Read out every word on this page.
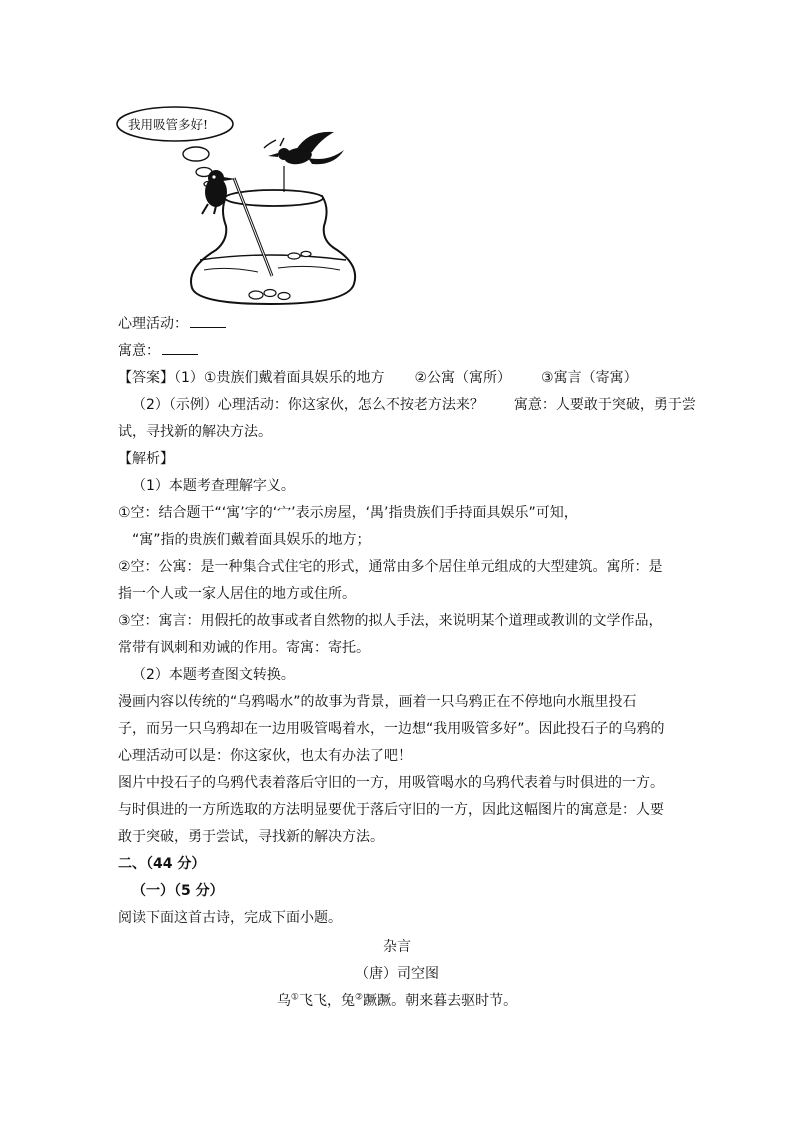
我用吸管多好!
心理活动：
寓意：
【答案】（1）①贵族们戴着面具娱乐的地方 ②公寓（寓所） ③寓言（寄寓）
（2）（示例）心理活动：你这家伙，怎么不按老方法来？ 寓意：人要敢于突破，勇于尝
试，寻找新的解决方法。
【解析】
（1）本题考查理解字义。
①空：结合题干“‘寓’字的‘宀’表示房屋，‘禺’指贵族们手持面具娱乐”可知，
“寓”指的贵族们戴着面具娱乐的地方；
②空：公寓：是一种集合式住宅的形式，通常由多个居住单元组成的大型建筑。寓所：是
指一个人或一家人居住的地方或住所。
③空：寓言：用假托的故事或者自然物的拟人手法，来说明某个道理或教训的文学作品，
常带有讽刺和劝诫的作用。寄寓：寄托。
（2）本题考查图文转换。
漫画内容以传统的“乌鸦喝水”的故事为背景，画着一只乌鸦正在不停地向水瓶里投石
子，而另一只乌鸦却在一边用吸管喝着水，一边想“我用吸管多好”。因此投石子的乌鸦的
心理活动可以是：你这家伙，也太有办法了吧！
图片中投石子的乌鸦代表着落后守旧的一方，用吸管喝水的乌鸦代表着与时俱进的一方。
与时俱进的一方所选取的方法明显要优于落后守旧的一方，因此这幅图片的寓意是：人要
敢于突破，勇于尝试，寻找新的解决方法。
二、（44 分）
（一）（5 分）
阅读下面这首古诗，完成下面小题。
杂言
（唐）司空图
乌①飞飞，兔②蹶蹶。朝来暮去驱时节。
